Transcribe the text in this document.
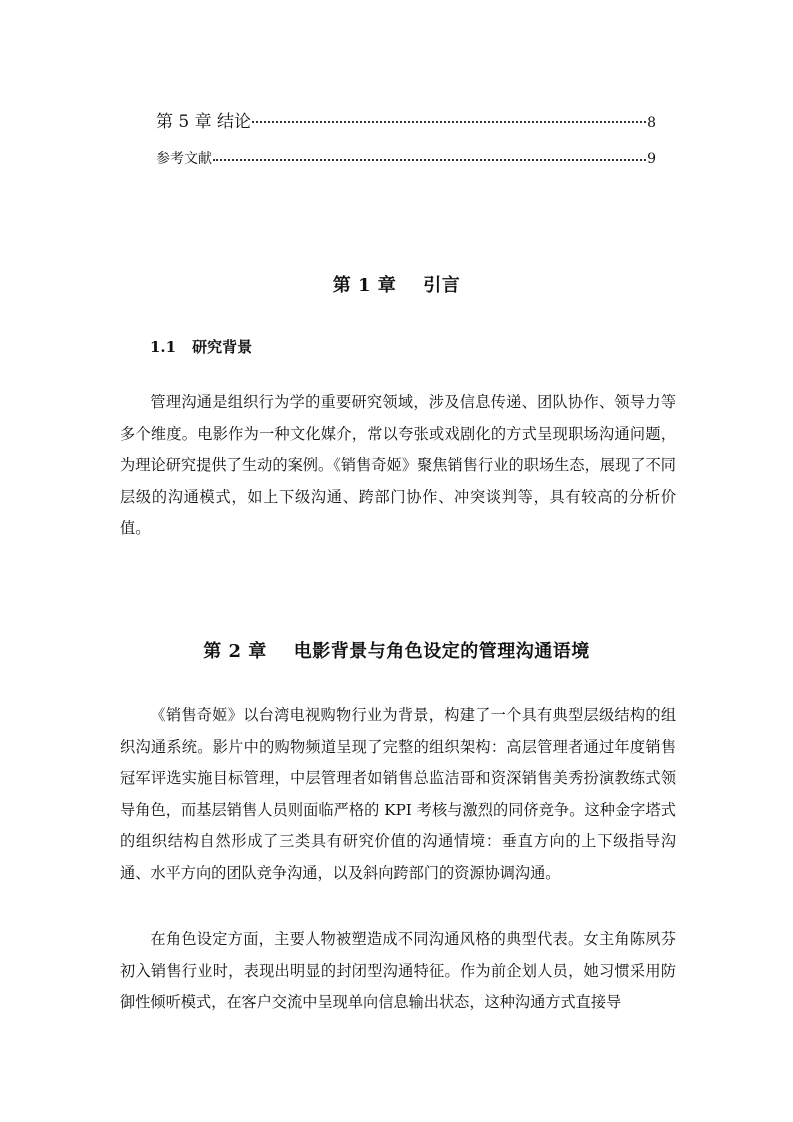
第 5 章 结论	8
参考文献	9
第 1 章    引言
1.1 研究背景

管理沟通是组织行为学的重要研究领域，涉及信息传递、团队协作、领导力等多个维度。电影作为一种文化媒介，常以夸张或戏剧化的方式呈现职场沟通问题，为理论研究提供了生动的案例。《销售奇姬》聚焦销售行业的职场生态，展现了不同层级的沟通模式，如上下级沟通、跨部门协作、冲突谈判等，具有较高的分析价值。

第 2 章    电影背景与角色设定的管理沟通语境

《销售奇姬》以台湾电视购物行业为背景，构建了一个具有典型层级结构的组织沟通系统。影片中的购物频道呈现了完整的组织架构：高层管理者通过年度销售冠军评选实施目标管理，中层管理者如销售总监洁哥和资深销售美秀扮演教练式领导角色，而基层销售人员则面临严格的 KPI 考核与激烈的同侪竞争。这种金字塔式的组织结构自然形成了三类具有研究价值的沟通情境：垂直方向的上下级指导沟通、水平方向的团队竞争沟通，以及斜向跨部门的资源协调沟通。

在角色设定方面，主要人物被塑造成不同沟通风格的典型代表。女主角陈夙芬初入销售行业时，表现出明显的封闭型沟通特征。作为前企划人员，她习惯采用防御性倾听模式，在客户交流中呈现单向信息输出状态，这种沟通方式直接导
